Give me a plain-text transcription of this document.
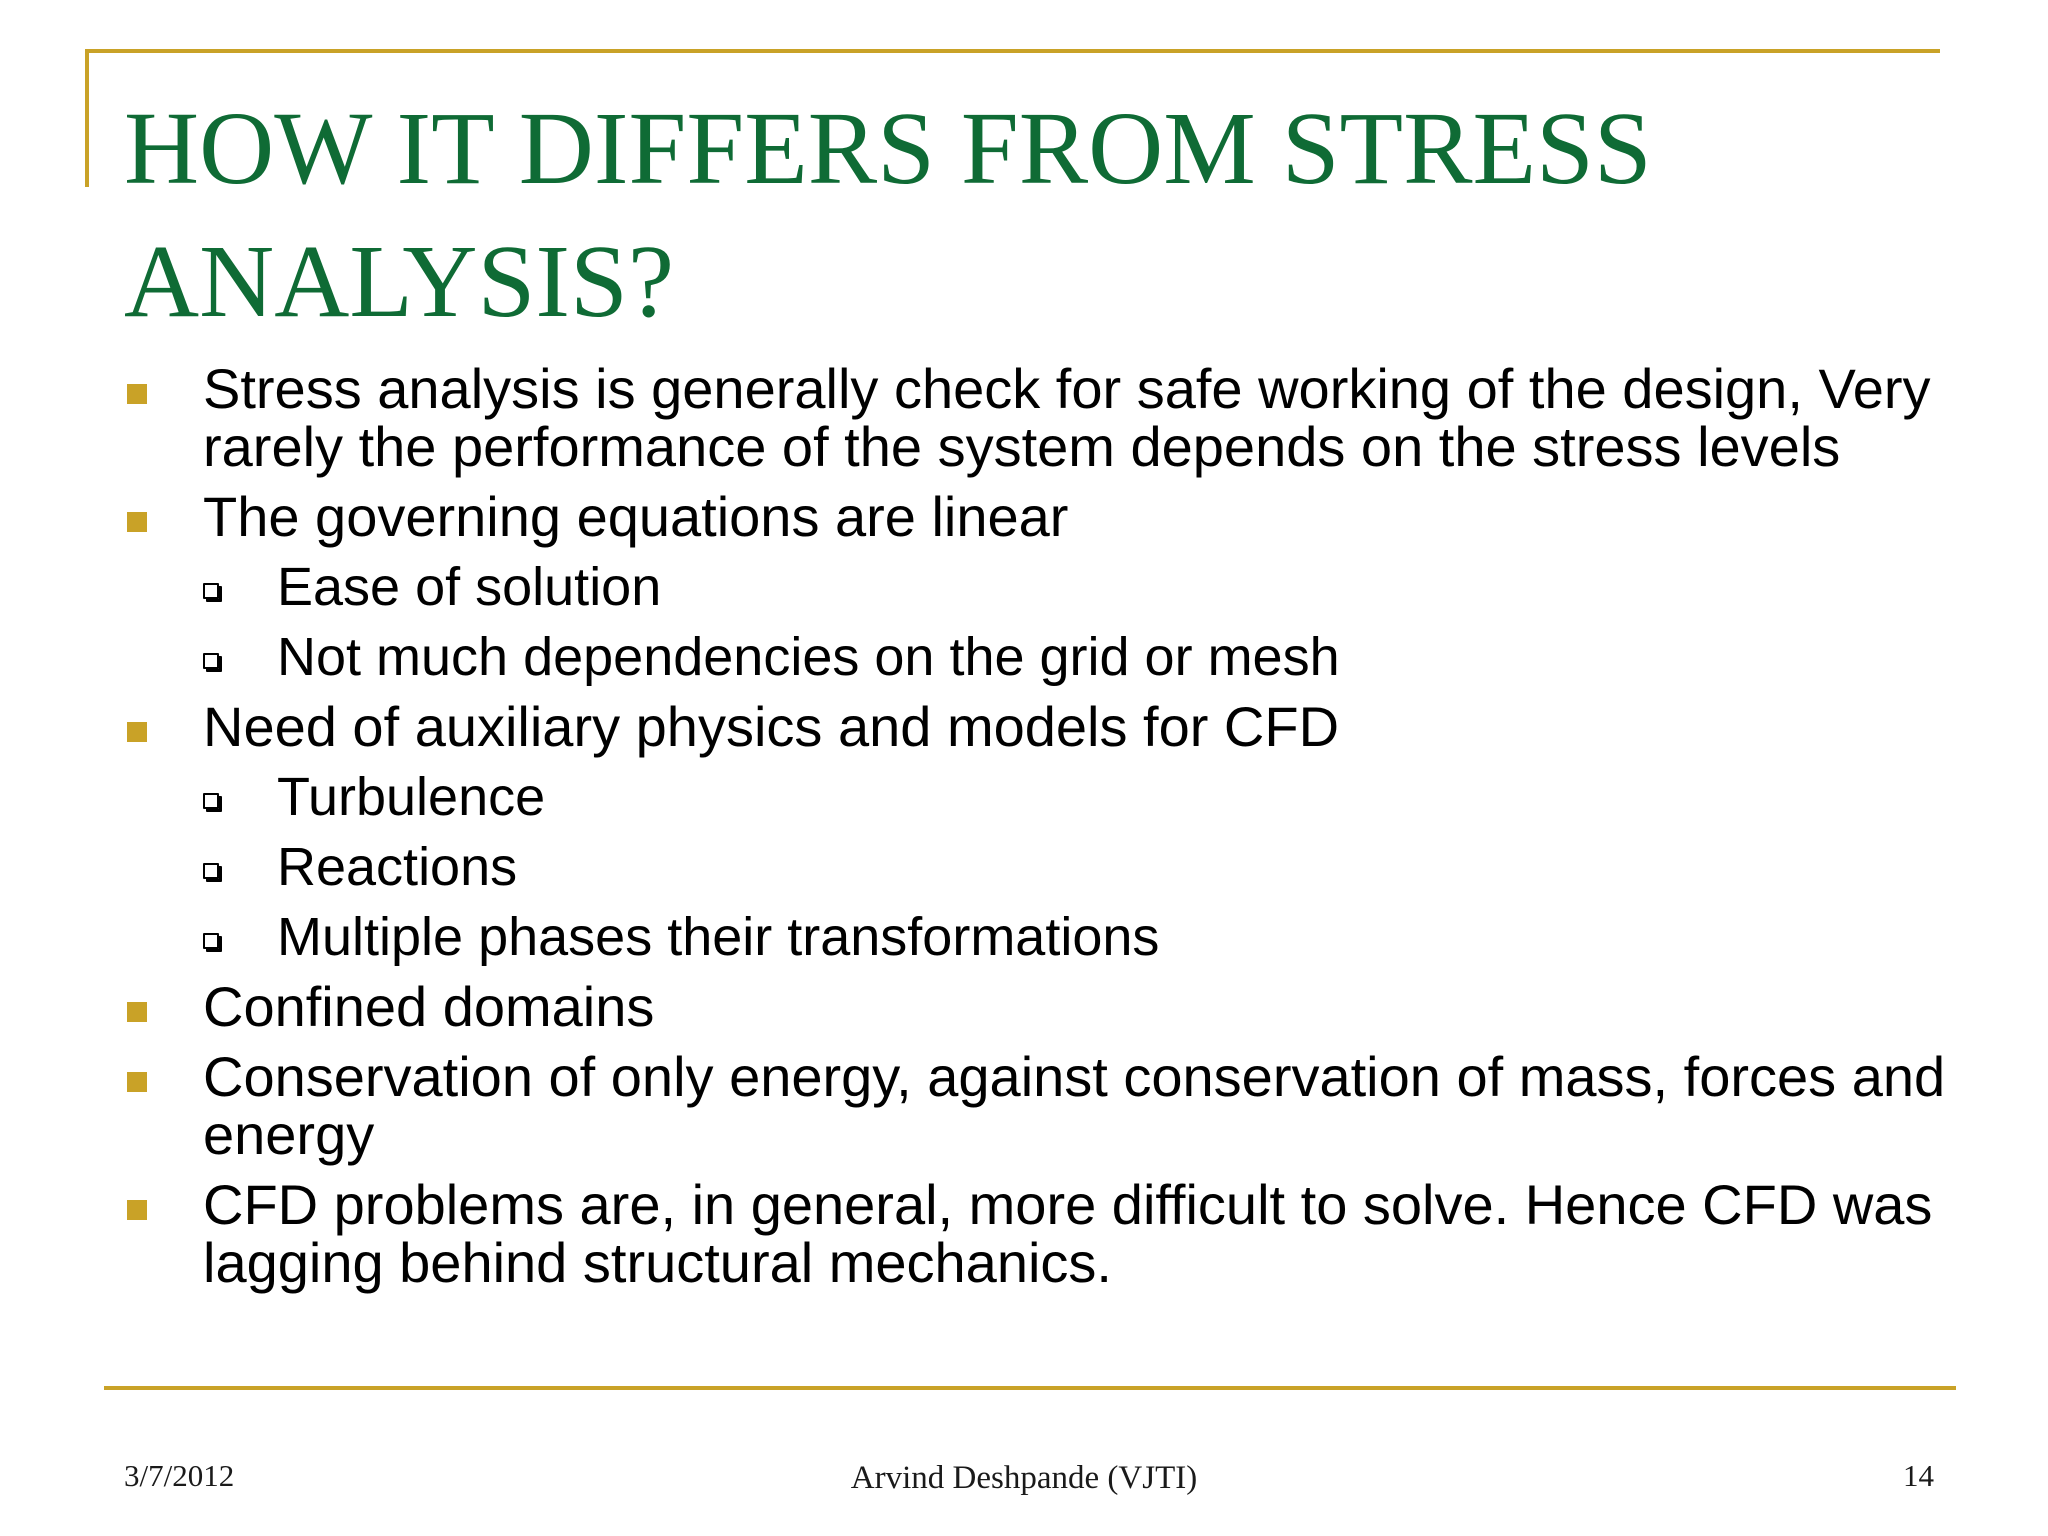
HOW IT DIFFERS FROM STRESS ANALYSIS?
Stress analysis is generally check for safe working of the design, Very rarely the performance of the system depends on the stress levels
The governing equations are linear
Ease of solution
Not much dependencies on the grid or mesh
Need of auxiliary physics and models for CFD
Turbulence
Reactions
Multiple phases their transformations
Confined domains
Conservation of only energy, against conservation of mass, forces and energy
CFD problems are, in general, more difficult to solve. Hence CFD was lagging behind structural mechanics.
3/7/2012	Arvind Deshpande (VJTI)	14
